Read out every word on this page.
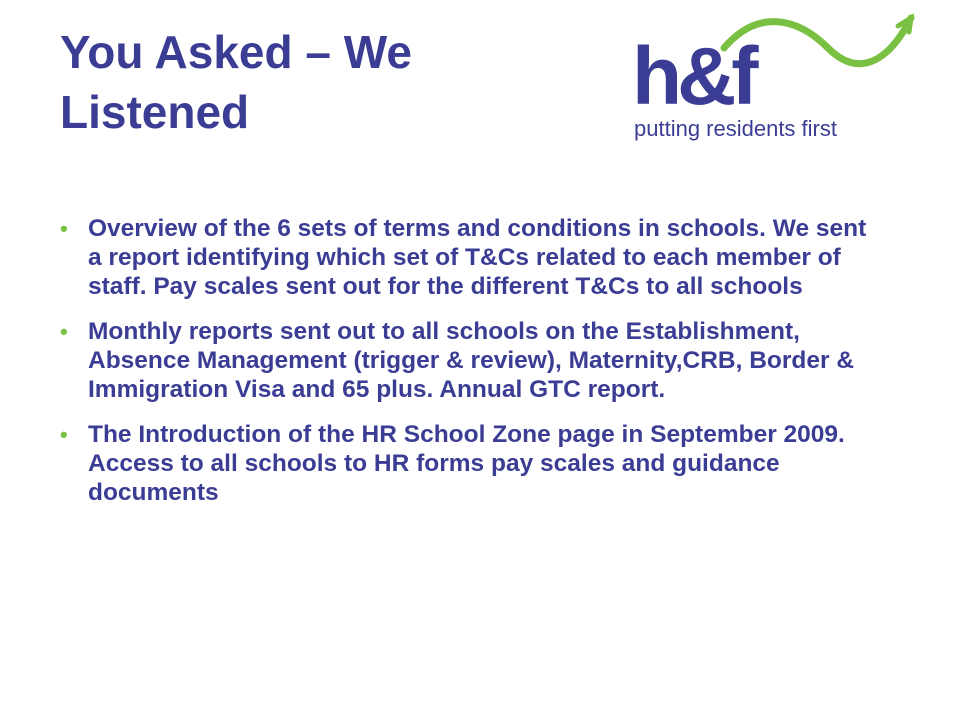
You Asked – We
Listened	h&f
putting residents first
• Overview of the 6 sets of terms and conditions in schools. We sent a report identifying which set of T&Cs related to each member of staff. Pay scales sent out for the different T&Cs to all schools
• Monthly reports sent out to all schools on the Establishment, Absence Management (trigger & review), Maternity,CRB, Border & Immigration Visa and 65 plus. Annual GTC report.
• The Introduction of the HR School Zone page in September 2009. Access to all schools to HR forms pay scales and guidance documents
